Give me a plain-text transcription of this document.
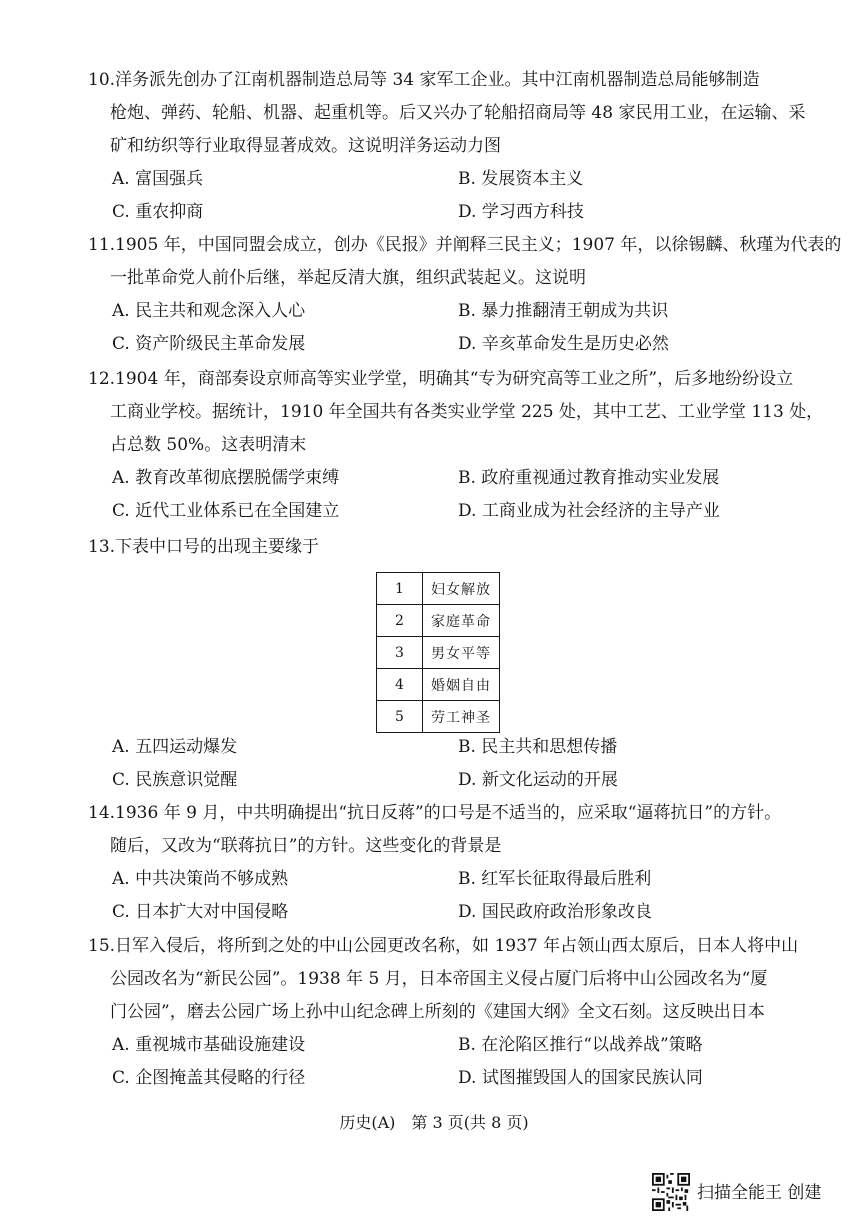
10.洋务派先创办了江南机器制造总局等 34 家军工企业。其中江南机器制造总局能够制造
枪炮、弹药、轮船、机器、起重机等。后又兴办了轮船招商局等 48 家民用工业，在运输、采
矿和纺织等行业取得显著成效。这说明洋务运动力图
A. 富国强兵	B. 发展资本主义
C. 重农抑商	D. 学习西方科技
11.1905 年，中国同盟会成立，创办《民报》并阐释三民主义；1907 年，以徐锡麟、秋瑾为代表的
一批革命党人前仆后继，举起反清大旗，组织武装起义。这说明
A. 民主共和观念深入人心	B. 暴力推翻清王朝成为共识
C. 资产阶级民主革命发展	D. 辛亥革命发生是历史必然
12.1904 年，商部奏设京师高等实业学堂，明确其“专为研究高等工业之所”，后多地纷纷设立
工商业学校。据统计，1910 年全国共有各类实业学堂 225 处，其中工艺、工业学堂 113 处，
占总数 50%。这表明清末
A. 教育改革彻底摆脱儒学束缚	B. 政府重视通过教育推动实业发展
C. 近代工业体系已在全国建立	D. 工商业成为社会经济的主导产业
13.下表中口号的出现主要缘于
1	妇女解放
2	家庭革命
3	男女平等
4	婚姻自由
5	劳工神圣
A. 五四运动爆发	B. 民主共和思想传播
C. 民族意识觉醒	D. 新文化运动的开展
14.1936 年 9 月，中共明确提出“抗日反蒋”的口号是不适当的，应采取“逼蒋抗日”的方针。
随后，又改为“联蒋抗日”的方针。这些变化的背景是
A. 中共决策尚不够成熟	B. 红军长征取得最后胜利
C. 日本扩大对中国侵略	D. 国民政府政治形象改良
15.日军入侵后，将所到之处的中山公园更改名称，如 1937 年占领山西太原后，日本人将中山
公园改名为“新民公园”。1938 年 5 月，日本帝国主义侵占厦门后将中山公园改名为“厦
门公园”，磨去公园广场上孙中山纪念碑上所刻的《建国大纲》全文石刻。这反映出日本
A. 重视城市基础设施建设	B. 在沦陷区推行“以战养战”策略
C. 企图掩盖其侵略的行径	D. 试图摧毁国人的国家民族认同
历史(A)　第 3 页(共 8 页)
扫描全能王 创建
